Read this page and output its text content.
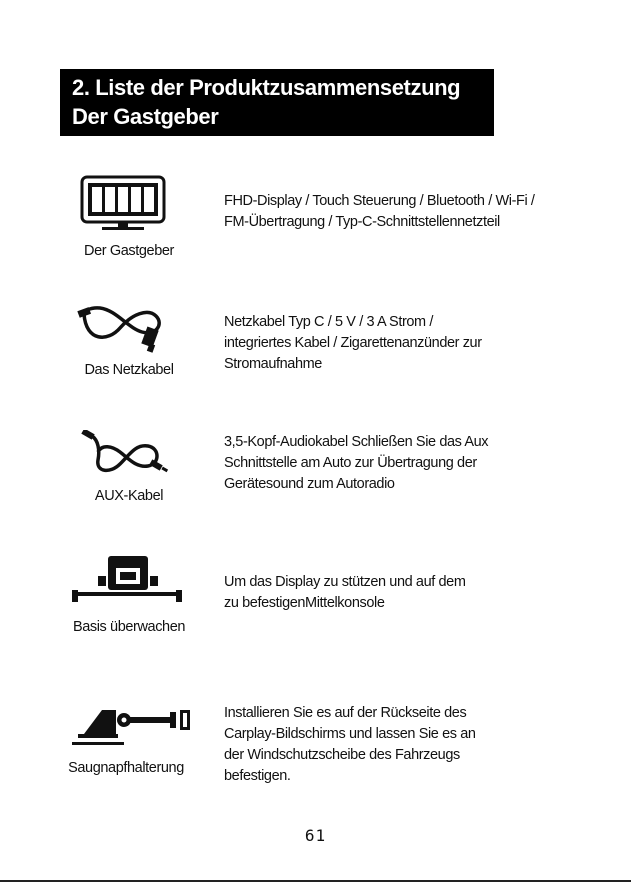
2. Liste der Produktzusammensetzung
Der Gastgeber
Der Gastgeber

FHD-Display / Touch Steuerung / Bluetooth / Wi-Fi /
FM-Übertragung / Typ-C-Schnittstellennetzteil

Das Netzkabel

Netzkabel Typ C / 5 V / 3 A Strom /
integriertes Kabel / Zigarettenanzünder zur
Stromaufnahme

AUX-Kabel

3,5-Kopf-Audiokabel Schließen Sie das Aux
Schnittstelle am Auto zur Übertragung der
Gerätesound zum Autoradio

Basis überwachen

Um das Display zu stützen und auf dem
zu befestigenMittelkonsole

Saugnapfhalterung

Installieren Sie es auf der Rückseite des
Carplay-Bildschirms und lassen Sie es an
der Windschutzscheibe des Fahrzeugs
befestigen.

61
